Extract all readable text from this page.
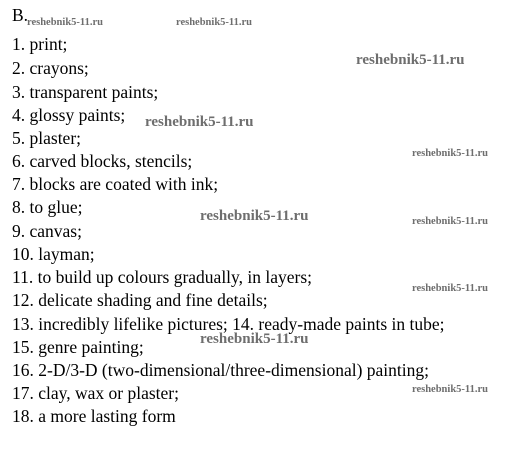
B.
1. print;
2. crayons;
3. transparent paints;
4. glossy paints;
5. plaster;
6. carved blocks, stencils;
7. blocks are coated with ink;
8. to glue;
9. canvas;
10. layman;
11. to build up colours gradually, in layers;
12. delicate shading and fine details;
13. incredibly lifelike pictures; 14. ready-made paints in tube;
15. genre painting;
16. 2-D/3-D (two-dimensional/three-dimensional) painting;
17. clay, wax or plaster;
18. a more lasting form
reshebnik5-11.ru	reshebnik5-11.ru
reshebnik5-11.ru
reshebnik5-11.ru
reshebnik5-11.ru
reshebnik5-11.ru	reshebnik5-11.ru
reshebnik5-11.ru
reshebnik5-11.ru
reshebnik5-11.ru
